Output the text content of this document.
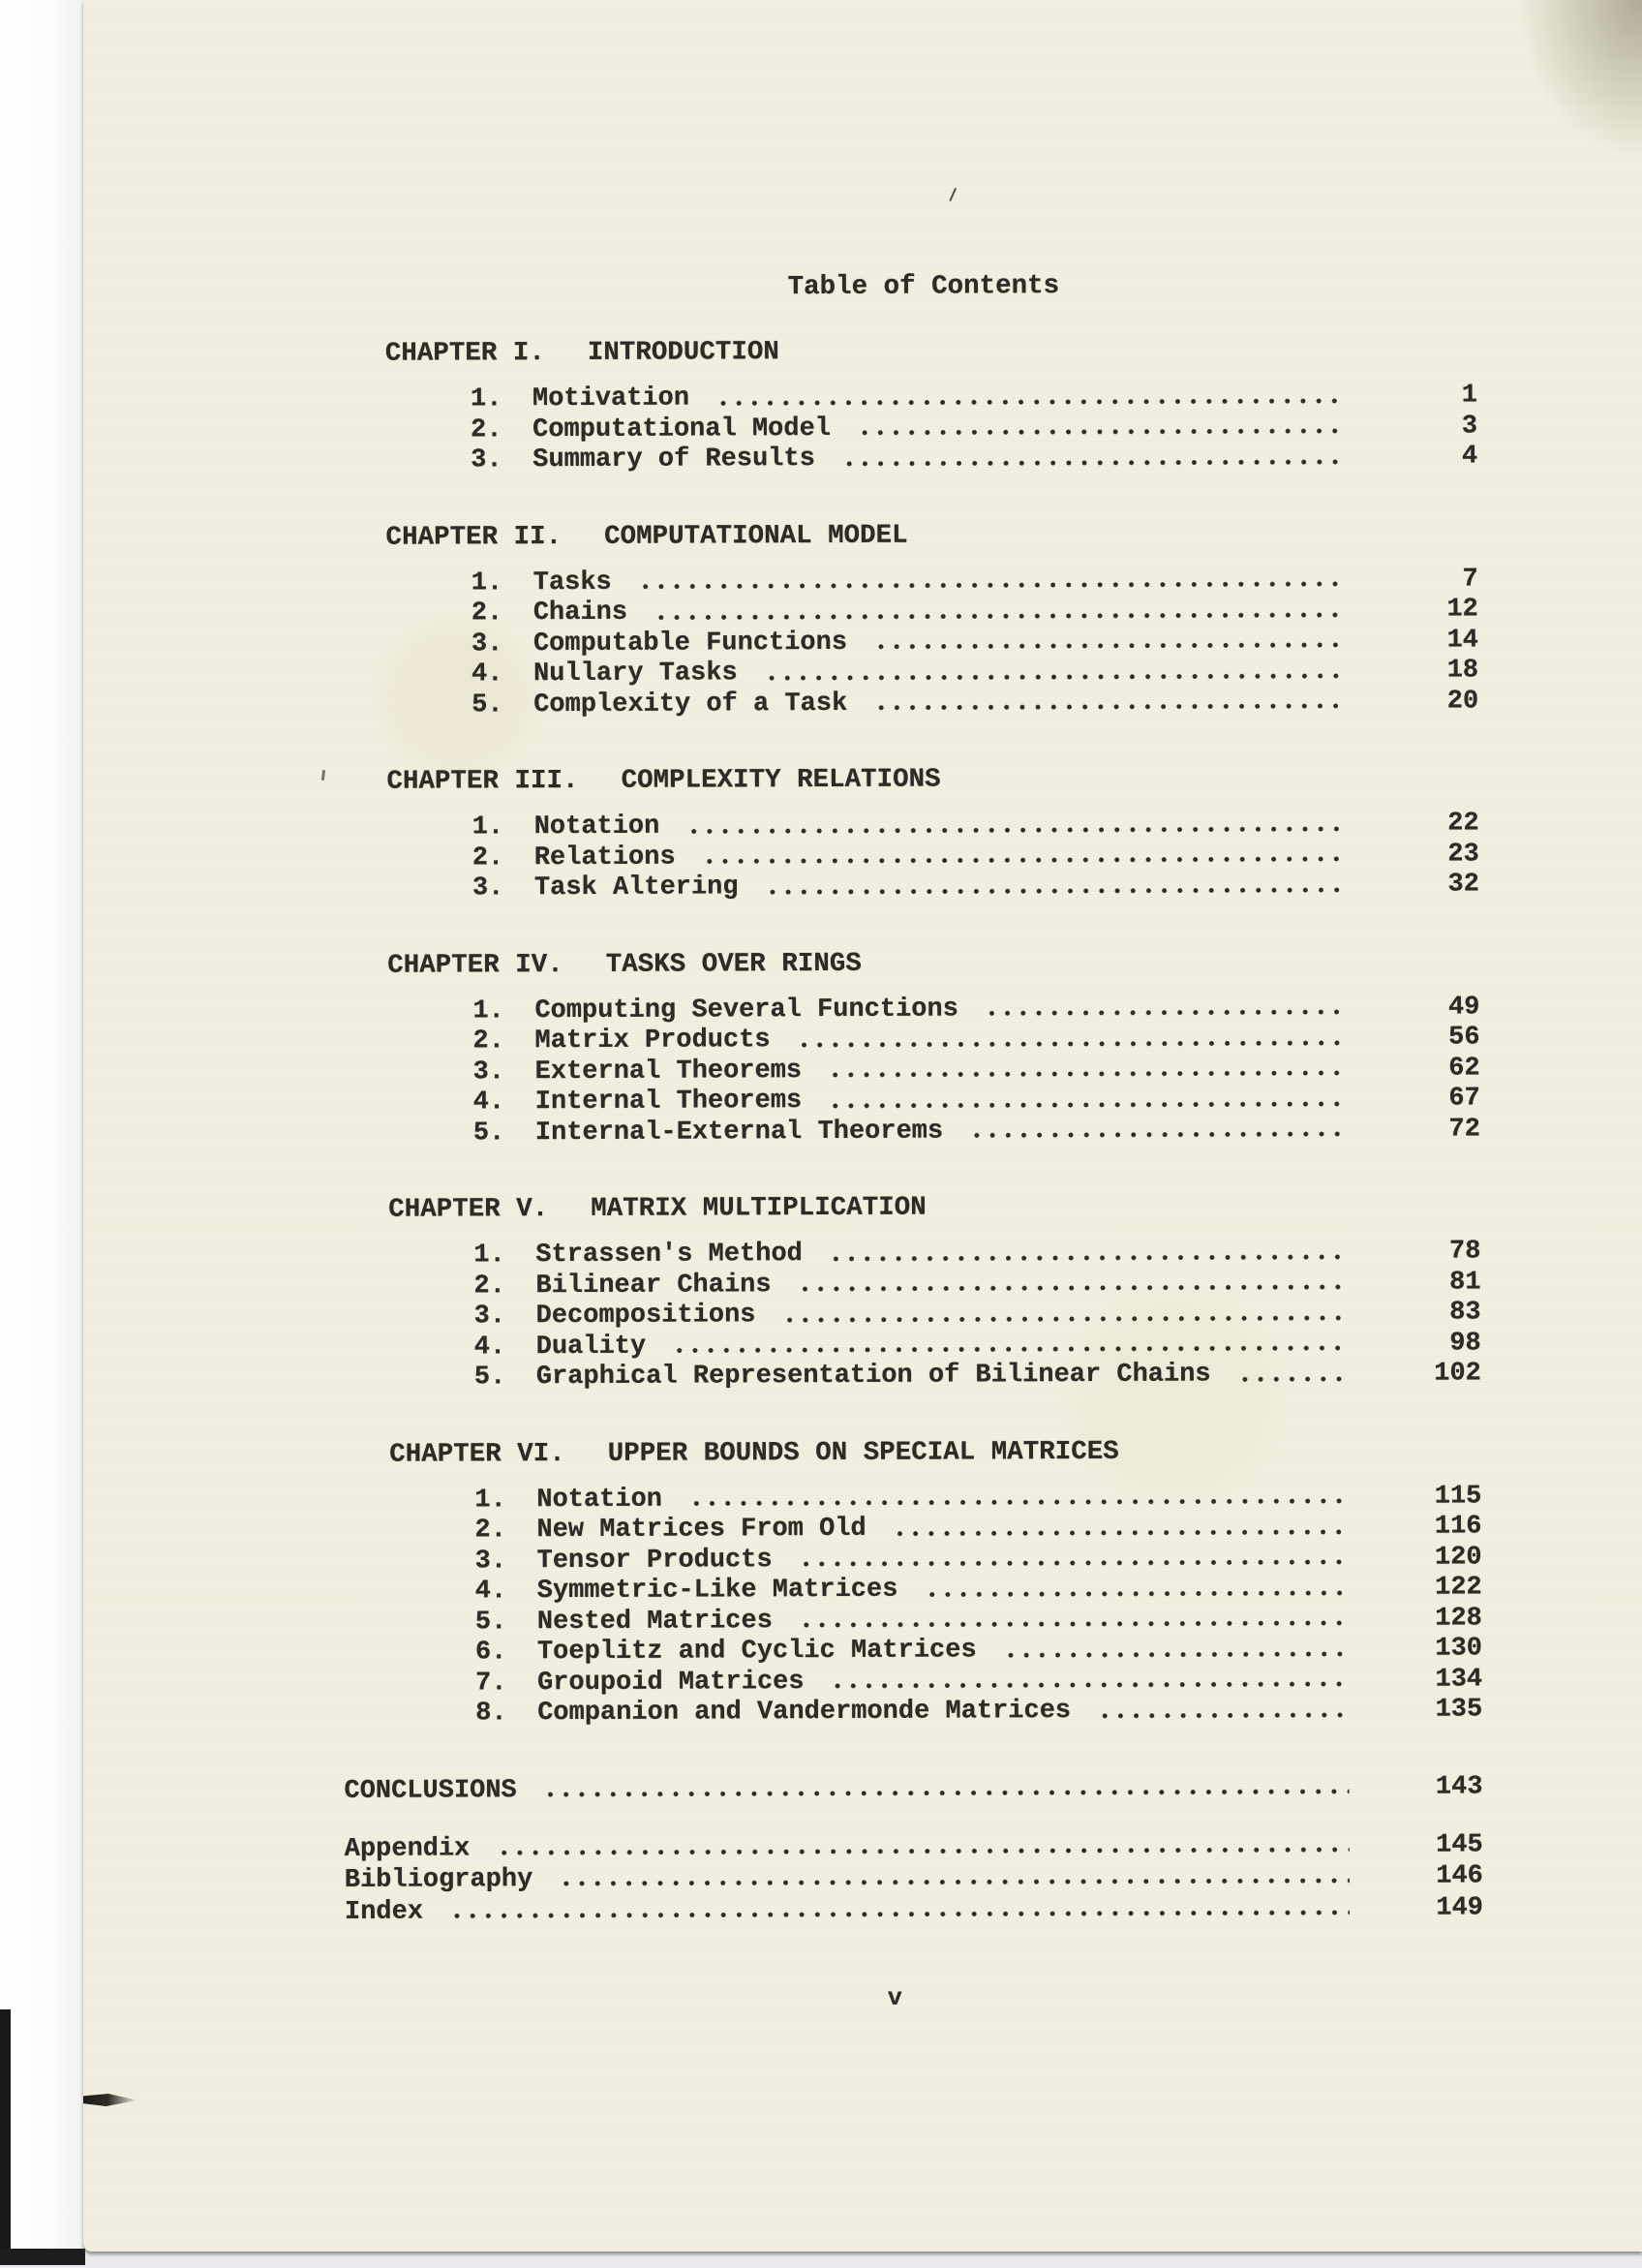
Table of Contents
CHAPTER I. INTRODUCTION
1.	Motivation	1
2.	Computational Model	3
3.	Summary of Results	4
CHAPTER II. COMPUTATIONAL MODEL
1.	Tasks	7
2.	Chains	12
3.	Computable Functions	14
4.	Nullary Tasks	18
5.	Complexity of a Task	20
CHAPTER III. COMPLEXITY RELATIONS
1.	Notation	22
2.	Relations	23
3.	Task Altering	32
CHAPTER IV. TASKS OVER RINGS
1.	Computing Several Functions	49
2.	Matrix Products	56
3.	External Theorems	62
4.	Internal Theorems	67
5.	Internal-External Theorems	72
CHAPTER V. MATRIX MULTIPLICATION
1.	Strassen's Method	78
2.	Bilinear Chains	81
3.	Decompositions	83
4.	Duality	98
5.	Graphical Representation of Bilinear Chains	102
CHAPTER VI. UPPER BOUNDS ON SPECIAL MATRICES
1.	Notation	115
2.	New Matrices From Old	116
3.	Tensor Products	120
4.	Symmetric-Like Matrices	122
5.	Nested Matrices	128
6.	Toeplitz and Cyclic Matrices	130
7.	Groupoid Matrices	134
8.	Companion and Vandermonde Matrices	135
CONCLUSIONS	143
Appendix	145
Bibliography	146
Index	149
v
